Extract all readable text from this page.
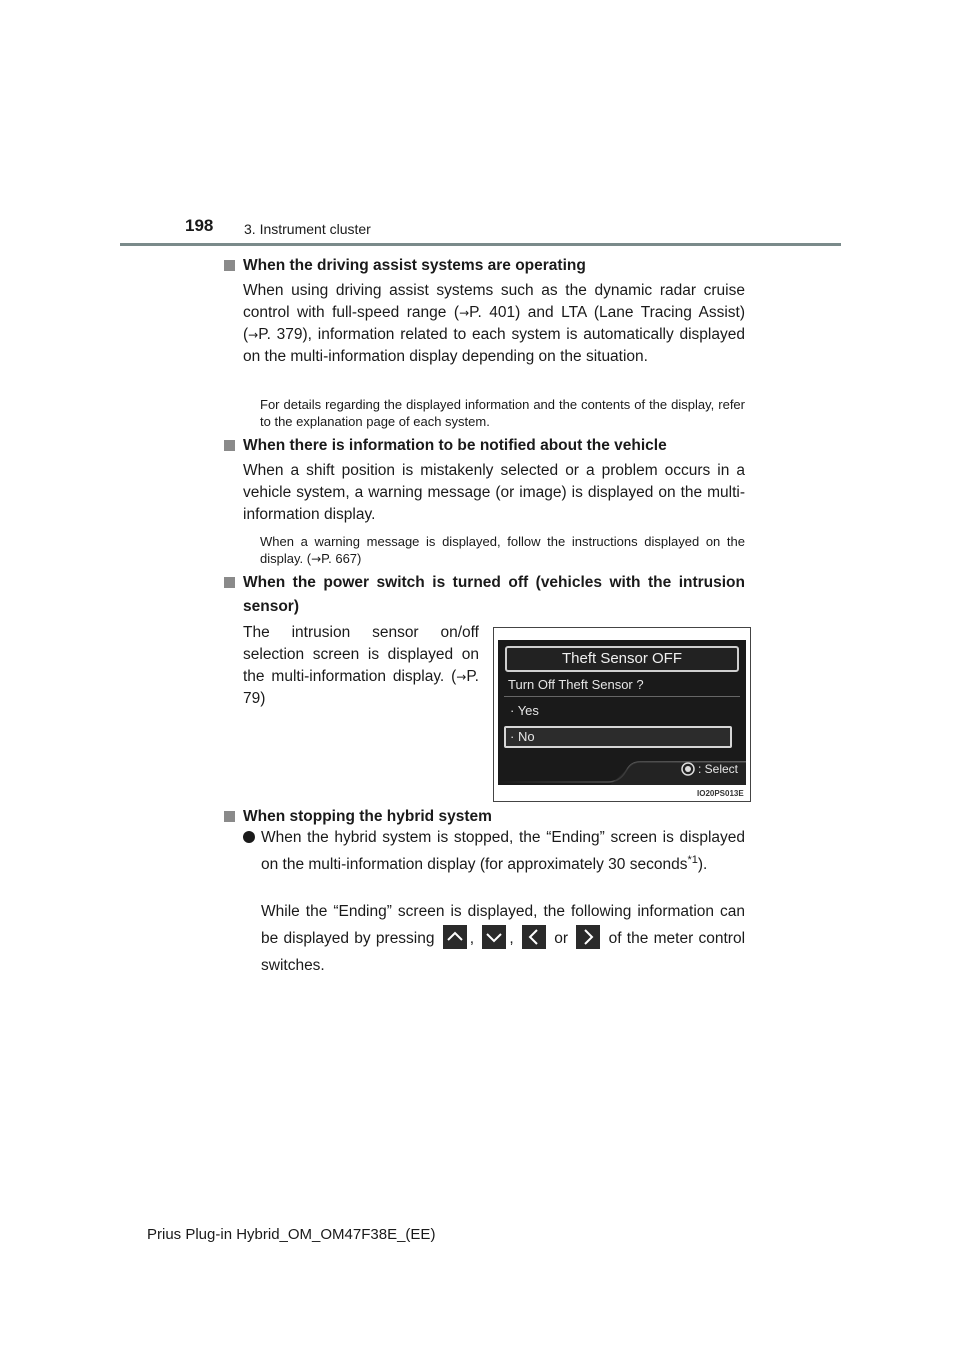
198 3. Instrument cluster
When the driving assist systems are operating
When using driving assist systems such as the dynamic radar cruise control with full-speed range (→P. 401) and LTA (Lane Tracing Assist) (→P. 379), information related to each system is automatically displayed on the multi-information display depending on the situation.
For details regarding the displayed information and the contents of the display, refer to the explanation page of each system.
When there is information to be notified about the vehicle
When a shift position is mistakenly selected or a problem occurs in a vehicle system, a warning message (or image) is displayed on the multi-information display.
When a warning message is displayed, follow the instructions displayed on the display. (→P. 667)
When the power switch is turned off (vehicles with the intrusion sensor)
The intrusion sensor on/off selection screen is displayed on the multi-information display. (→P. 79)
Theft Sensor OFF
Turn Off Theft Sensor ?
· Yes
· No
: Select
IO20PS013E
When stopping the hybrid system
When the hybrid system is stopped, the “Ending” screen is displayed on the multi-information display (for approximately 30 seconds$^{*1}$).
While the “Ending” screen is displayed, the following information can be displayed by pressing , ,	or	of the meter control switches.
Prius Plug-in Hybrid_OM_OM47F38E_(EE)
